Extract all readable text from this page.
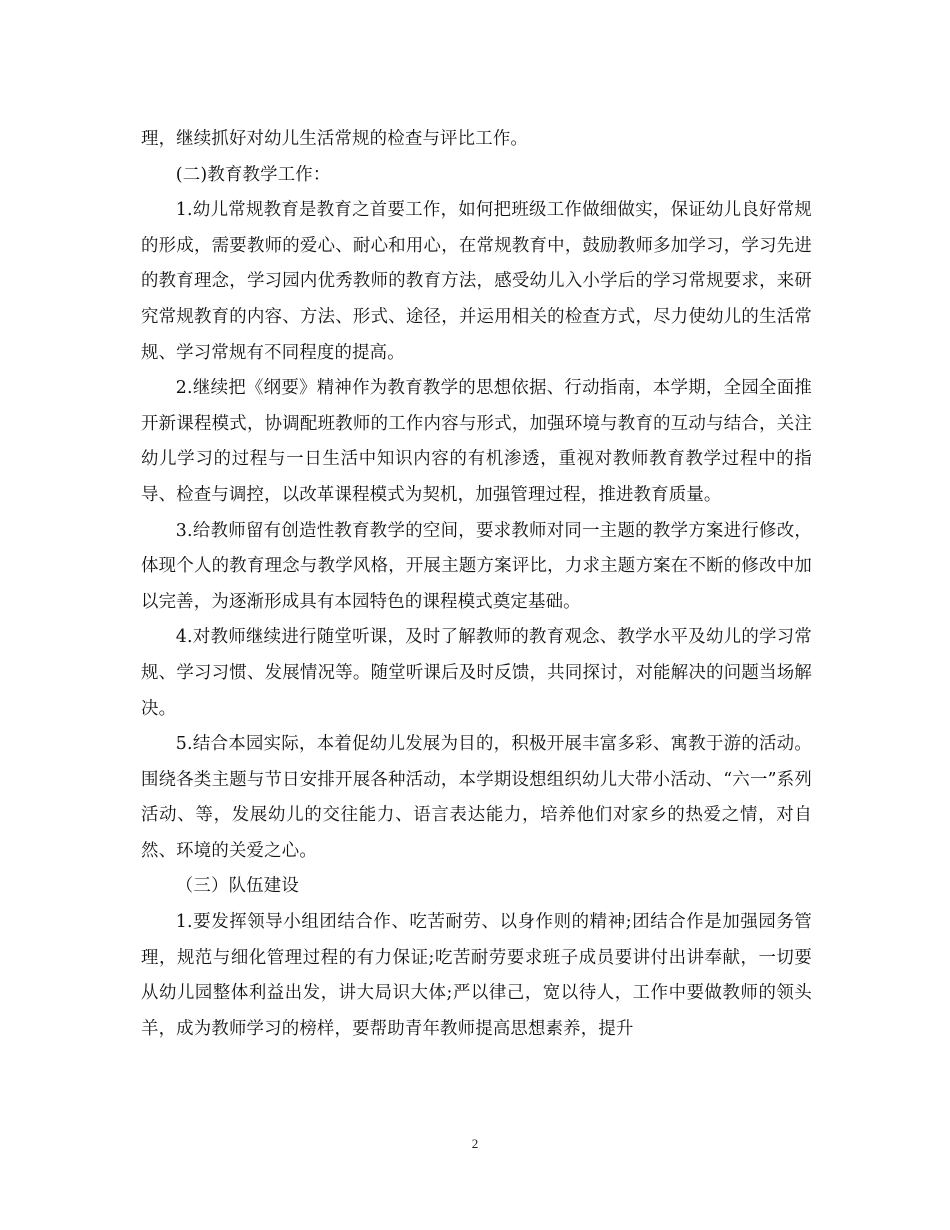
理，继续抓好对幼儿生活常规的检查与评比工作。

(二)教育教学工作：

1.幼儿常规教育是教育之首要工作，如何把班级工作做细做实，保证幼儿良好常规的形成，需要教师的爱心、耐心和用心，在常规教育中，鼓励教师多加学习，学习先进的教育理念，学习园内优秀教师的教育方法，感受幼儿入小学后的学习常规要求，来研究常规教育的内容、方法、形式、途径，并运用相关的检查方式，尽力使幼儿的生活常规、学习常规有不同程度的提高。

2.继续把《纲要》精神作为教育教学的思想依据、行动指南，本学期，全园全面推开新课程模式，协调配班教师的工作内容与形式，加强环境与教育的互动与结合，关注幼儿学习的过程与一日生活中知识内容的有机渗透，重视对教师教育教学过程中的指导、检查与调控，以改革课程模式为契机，加强管理过程，推进教育质量。

3.给教师留有创造性教育教学的空间，要求教师对同一主题的教学方案进行修改，体现个人的教育理念与教学风格，开展主题方案评比，力求主题方案在不断的修改中加以完善，为逐渐形成具有本园特色的课程模式奠定基础。

4.对教师继续进行随堂听课，及时了解教师的教育观念、教学水平及幼儿的学习常规、学习习惯、发展情况等。随堂听课后及时反馈，共同探讨，对能解决的问题当场解决。

5.结合本园实际，本着促幼儿发展为目的，积极开展丰富多彩、寓教于游的活动。围绕各类主题与节日安排开展各种活动，本学期设想组织幼儿大带小活动、“六一”系列活动、等，发展幼儿的交往能力、语言表达能力，培养他们对家乡的热爱之情，对自然、环境的关爱之心。

（三）队伍建设

1.要发挥领导小组团结合作、吃苦耐劳、以身作则的精神;团结合作是加强园务管理，规范与细化管理过程的有力保证;吃苦耐劳要求班子成员要讲付出讲奉献，一切要从幼儿园整体利益出发，讲大局识大体;严以律己，宽以待人，工作中要做教师的领头羊，成为教师学习的榜样，要帮助青年教师提高思想素养，提升

2
